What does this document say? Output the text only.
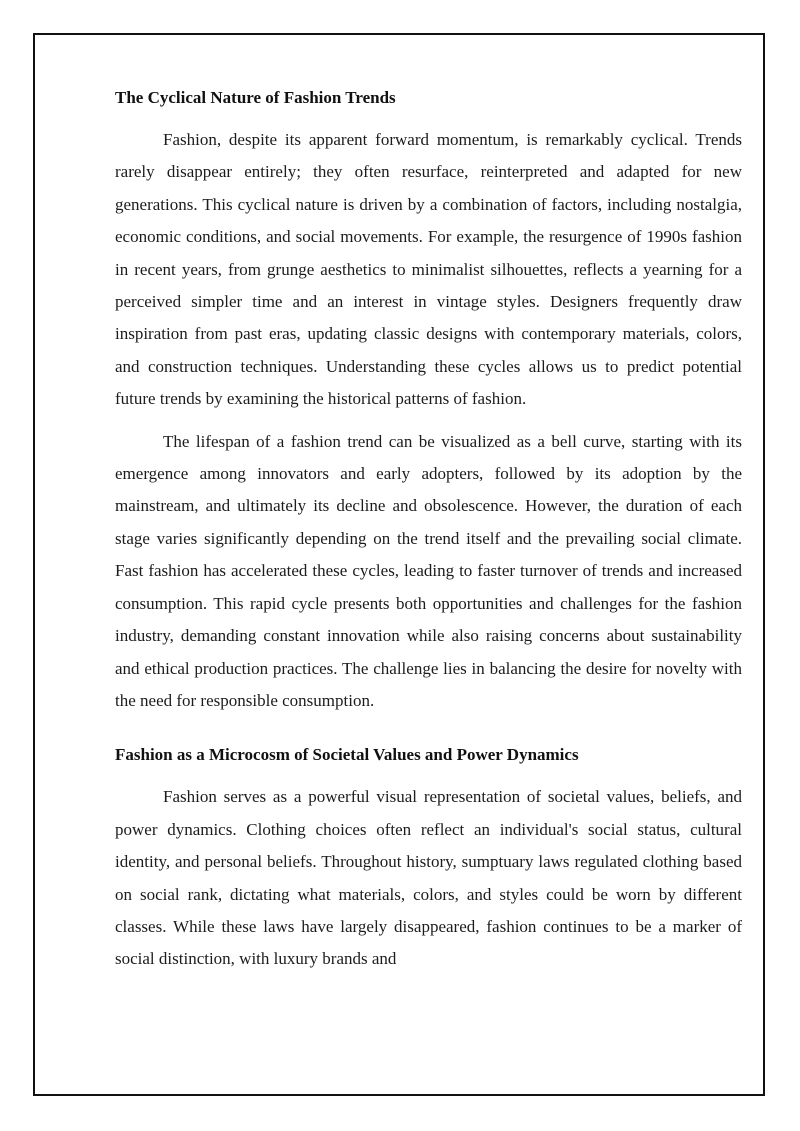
The Cyclical Nature of Fashion Trends

Fashion, despite its apparent forward momentum, is remarkably cyclical. Trends rarely disappear entirely; they often resurface, reinterpreted and adapted for new generations. This cyclical nature is driven by a combination of factors, including nostalgia, economic conditions, and social movements. For example, the resurgence of 1990s fashion in recent years, from grunge aesthetics to minimalist silhouettes, reflects a yearning for a perceived simpler time and an interest in vintage styles. Designers frequently draw inspiration from past eras, updating classic designs with contemporary materials, colors, and construction techniques. Understanding these cycles allows us to predict potential future trends by examining the historical patterns of fashion.

The lifespan of a fashion trend can be visualized as a bell curve, starting with its emergence among innovators and early adopters, followed by its adoption by the mainstream, and ultimately its decline and obsolescence. However, the duration of each stage varies significantly depending on the trend itself and the prevailing social climate. Fast fashion has accelerated these cycles, leading to faster turnover of trends and increased consumption. This rapid cycle presents both opportunities and challenges for the fashion industry, demanding constant innovation while also raising concerns about sustainability and ethical production practices. The challenge lies in balancing the desire for novelty with the need for responsible consumption.

Fashion as a Microcosm of Societal Values and Power Dynamics

Fashion serves as a powerful visual representation of societal values, beliefs, and power dynamics. Clothing choices often reflect an individual's social status, cultural identity, and personal beliefs. Throughout history, sumptuary laws regulated clothing based on social rank, dictating what materials, colors, and styles could be worn by different classes. While these laws have largely disappeared, fashion continues to be a marker of social distinction, with luxury brands and
